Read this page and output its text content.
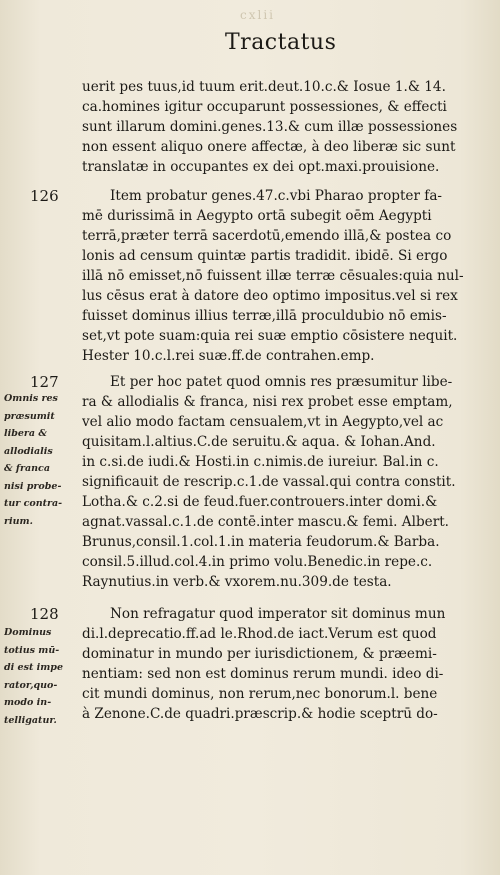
cxlii
Tractatus
126
127
128
uerit pes tuus,id tuum erit.deut.10.c.& Iosue 1.& 14.
ca.homines igitur occuparunt possessiones, & effecti
sunt illarum domini.genes.13.& cum illæ possessiones
non essent aliquo onere affectæ, à deo liberæ sic sunt
translatæ in occupantes ex dei opt.maxi.prouisione.
Item probatur genes.47.c.vbi Pharao propter fa-
mē durissimā in Aegypto ortā subegit oēm Aegypti
terrā,præter terrā sacerdotū,emendo illā,& postea co
lonis ad censum quintæ partis tradidit. ibidē. Si ergo
illā nō emisset,nō fuissent illæ terræ cēsuales:quia nul-
lus cēsus erat à datore deo optimo impositus.vel si rex
fuisset dominus illius terræ,illā proculdubio nō emis-
set,vt pote suam:quia rei suæ emptio cōsistere nequit.
Hester 10.c.l.rei suæ.ff.de contrahen.emp.
Et per hoc patet quod omnis res præsumitur libe-
ra & allodialis & franca, nisi rex probet esse emptam,
vel alio modo factam censualem,vt in Aegypto,vel ac
quisitam.l.altius.C.de seruitu.& aqua. & Iohan.And.
in c.si.de iudi.& Hosti.in c.nimis.de iureiur. Bal.in c.
significauit de rescrip.c.1.de vassal.qui contra constit.
Lotha.& c.2.si de feud.fuer.controuers.inter domi.&
agnat.vassal.c.1.de contē.inter mascu.& femi. Albert.
Brunus,consil.1.col.1.in materia feudorum.& Barba.
consil.5.illud.col.4.in primo volu.Benedic.in repe.c.
Raynutius.in verb.& vxorem.nu.309.de testa.
Non refragatur quod imperator sit dominus mun
di.l.deprecatio.ff.ad le.Rhod.de iact.Verum est quod
dominatur in mundo per iurisdictionem, & præemi-
nentiam: sed non est dominus rerum mundi. ideo di-
cit mundi dominus, non rerum,nec bonorum.l. bene
à Zenone.C.de quadri.præscrip.& hodie sceptrū do-
Omnis res
præsumit
libera &
allodialis
& franca
nisi probe-
tur contra-
rium.
Dominus
totius mū-
di est impe
rator,quo-
modo in-
telligatur.
